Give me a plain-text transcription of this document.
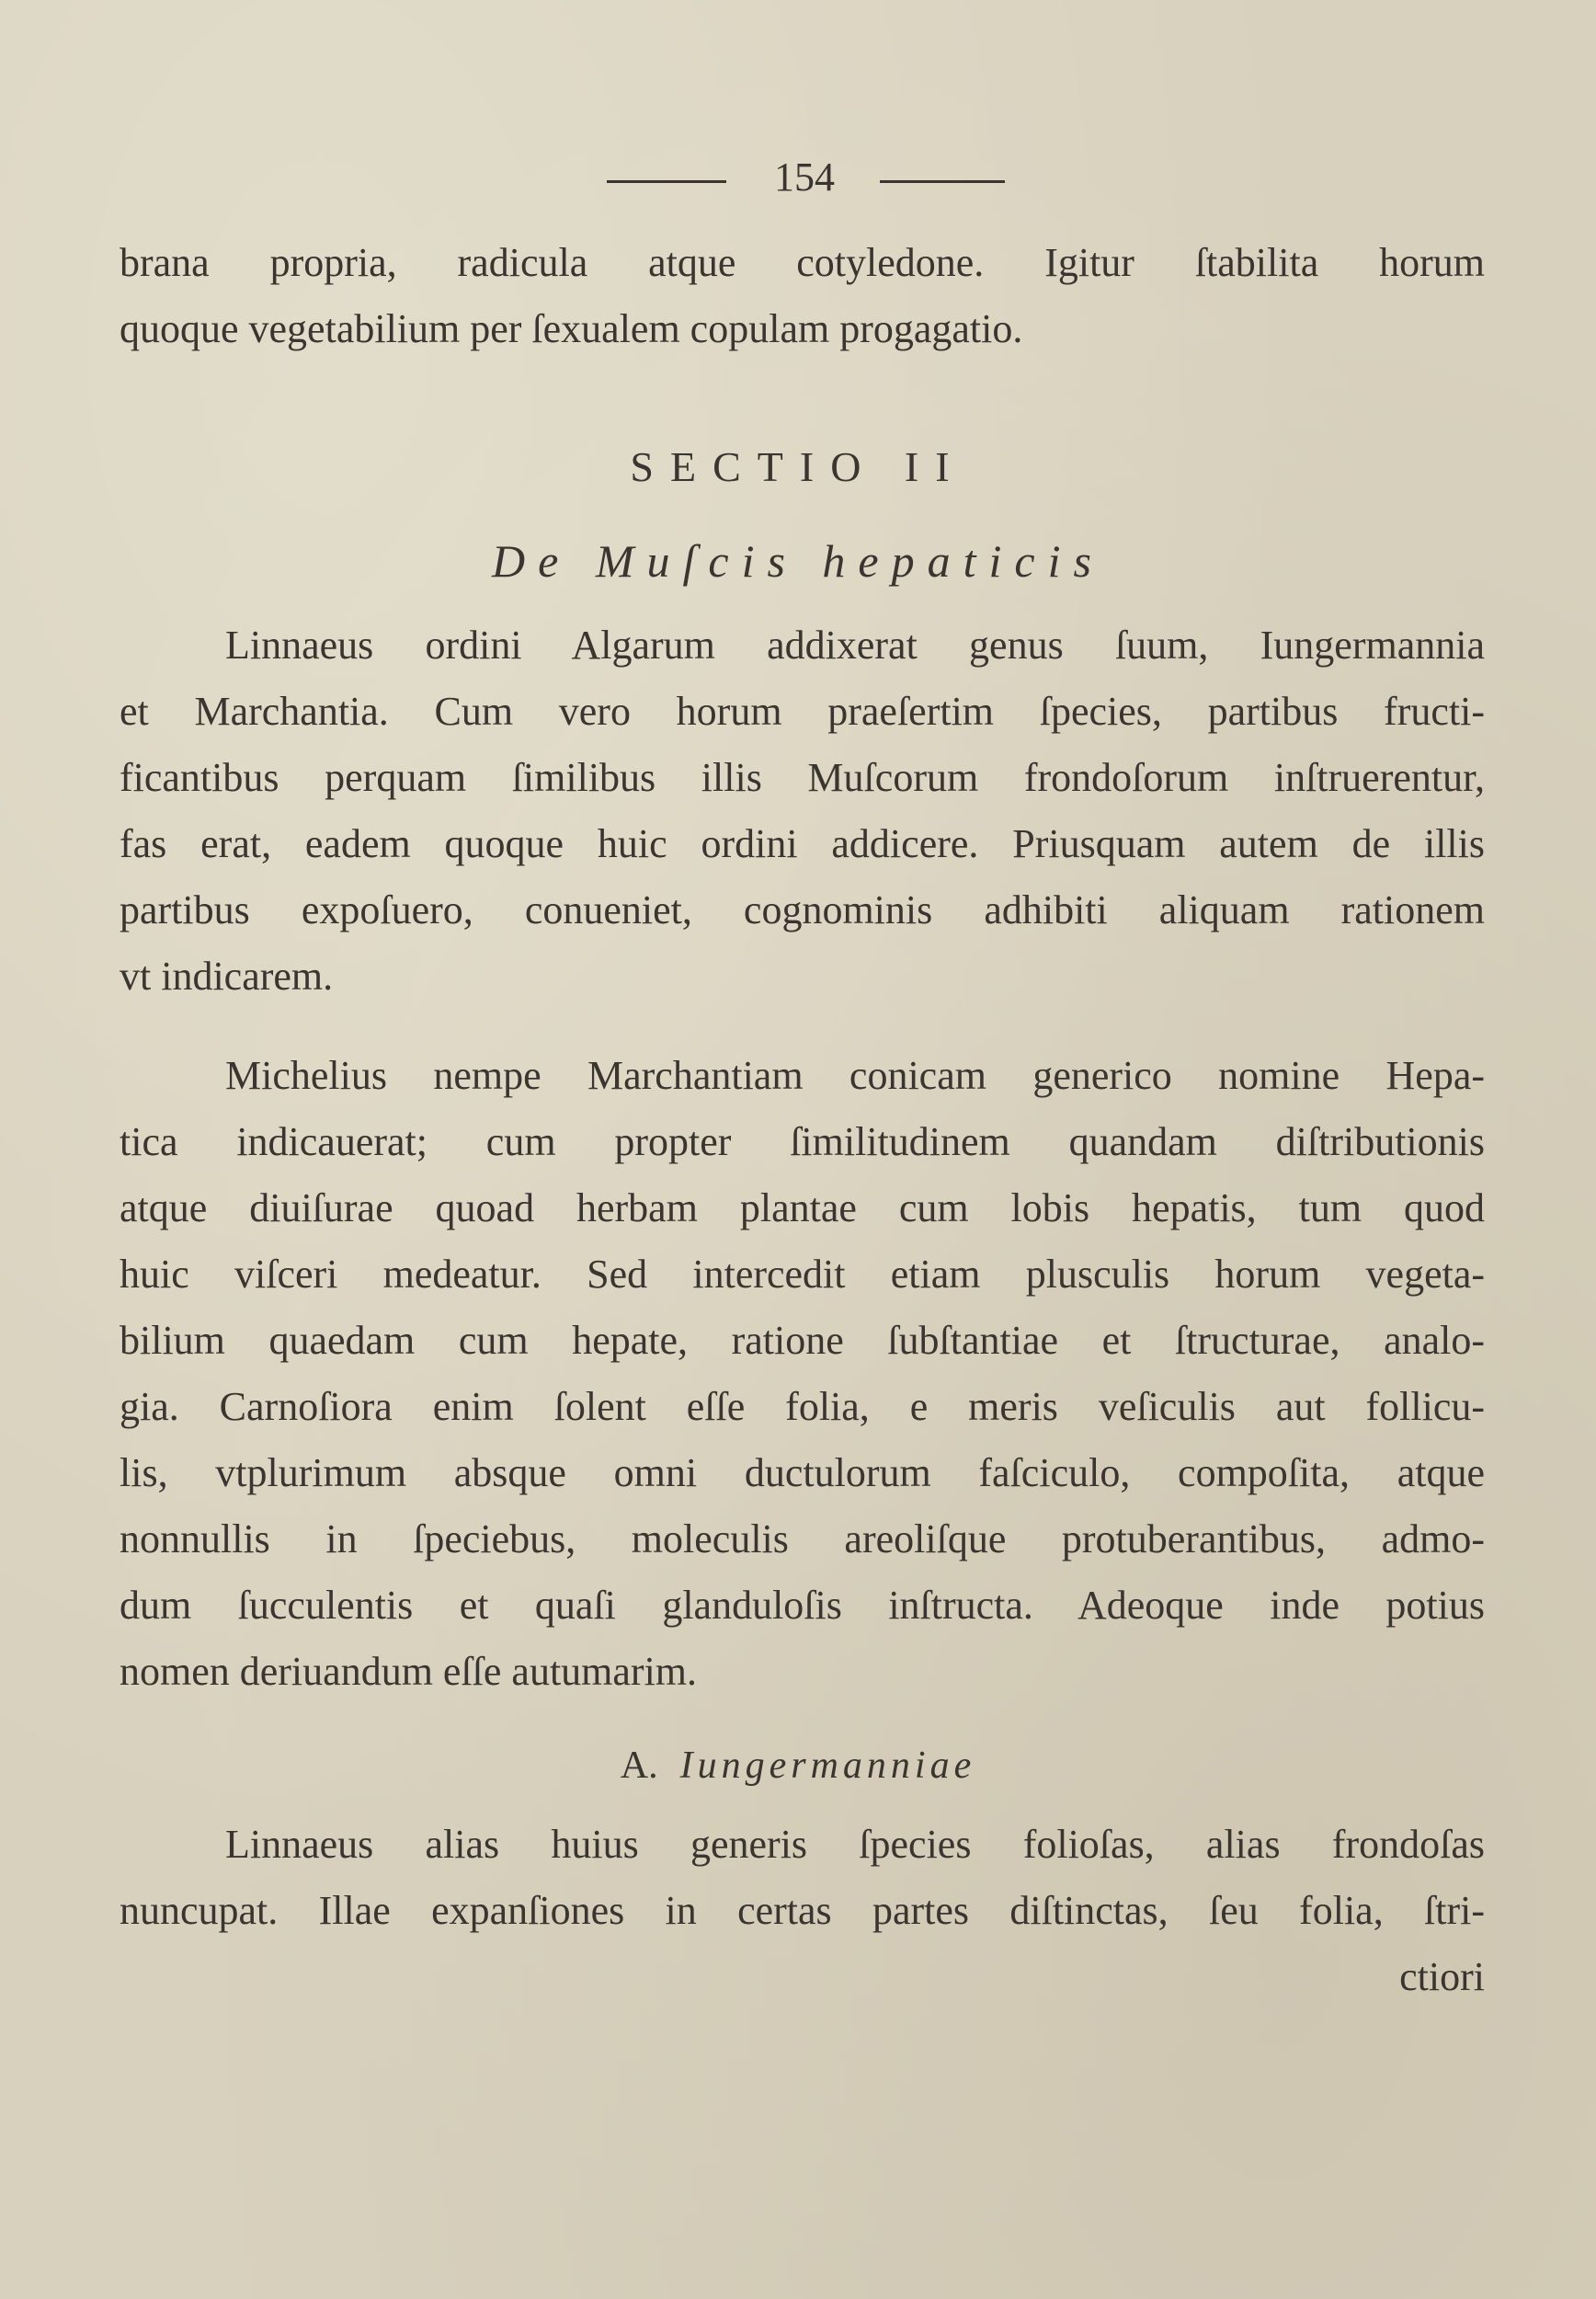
154
brana propria, radicula atque cotyledone. Igitur ſtabilita horum
quoque vegetabilium per ſexualem copulam progagatio.
SECTIO II
De Muſcis hepaticis
Linnaeus ordini Algarum addixerat genus ſuum, Iungermannia
et Marchantia. Cum vero horum praeſertim ſpecies, partibus fructi-
ficantibus perquam ſimilibus illis Muſcorum frondoſorum inſtruerentur,
fas erat, eadem quoque huic ordini addicere. Priusquam autem de illis
partibus expoſuero, conueniet, cognominis adhibiti aliquam rationem
vt indicarem.
Michelius nempe Marchantiam conicam generico nomine Hepa-
tica indicauerat; cum propter ſimilitudinem quandam diſtributionis
atque diuiſurae quoad herbam plantae cum lobis hepatis, tum quod
huic viſceri medeatur. Sed intercedit etiam plusculis horum vegeta-
bilium quaedam cum hepate, ratione ſubſtantiae et ſtructurae, analo-
gia. Carnoſiora enim ſolent eſſe folia, e meris veſiculis aut follicu-
lis, vtplurimum absque omni ductulorum faſciculo, compoſita, atque
nonnullis in ſpeciebus, moleculis areoliſque protuberantibus, admo-
dum ſucculentis et quaſi glanduloſis inſtructa. Adeoque inde potius
nomen deriuandum eſſe autumarim.
A. Iungermanniae
Linnaeus alias huius generis ſpecies folioſas, alias frondoſas
nuncupat. Illae expanſiones in certas partes diſtinctas, ſeu folia, ſtri-
ctiori
